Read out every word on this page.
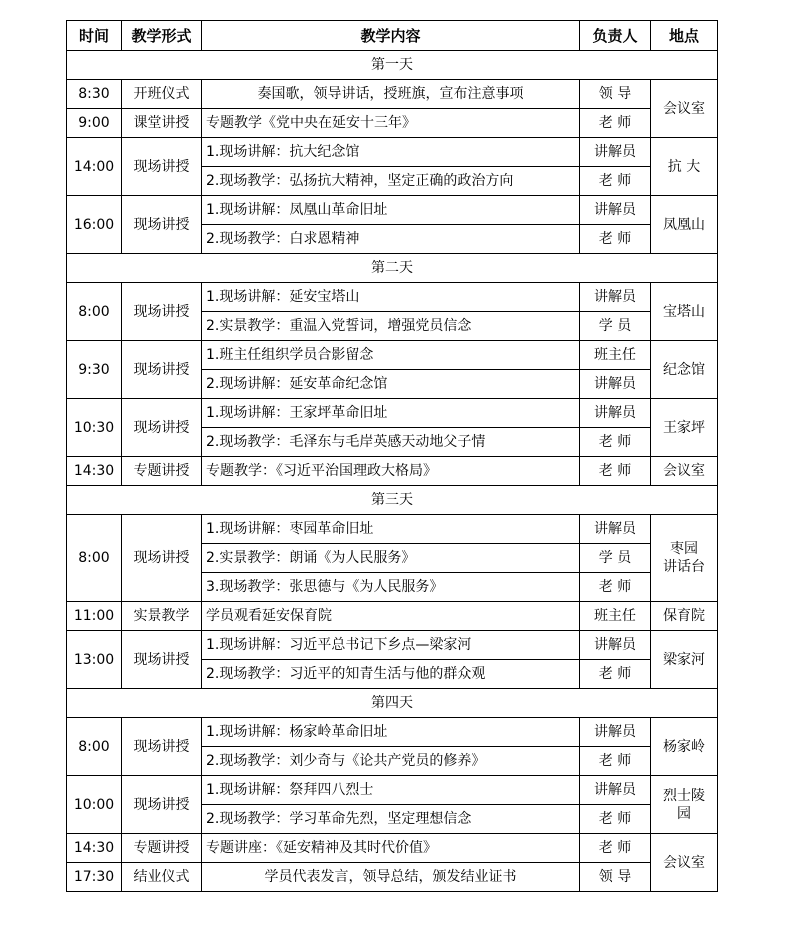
时间	教学形式	教学内容	负责人	地点
第一天				
8:30	开班仪式	奏国歌，领导讲话，授班旗，宣布注意事项	领 导	会议室
9:00	课堂讲授	专题教学《党中央在延安十三年》	老 师	
14:00	现场讲授	1.现场讲解：抗大纪念馆	讲解员	抗 大
		2.现场教学：弘扬抗大精神，坚定正确的政治方向	老 师	
16:00	现场讲授	1.现场讲解：凤凰山革命旧址	讲解员	凤凰山
		2.现场教学：白求恩精神	老 师	
第二天				
8:00	现场讲授	1.现场讲解：延安宝塔山	讲解员	宝塔山
		2.实景教学：重温入党誓词，增强党员信念	学 员	
9:30	现场讲授	1.班主任组织学员合影留念	班主任	纪念馆
		2.现场讲解：延安革命纪念馆	讲解员	
10:30	现场讲授	1.现场讲解：王家坪革命旧址	讲解员	王家坪
		2.现场教学：毛泽东与毛岸英感天动地父子情	老 师	
14:30	专题讲授	专题教学：《习近平治国理政大格局》	老 师	会议室
第三天				
8:00	现场讲授	1.现场讲解：枣园革命旧址	讲解员	枣园
讲话台
		2.实景教学：朗诵《为人民服务》	学 员	
		3.现场教学：张思德与《为人民服务》	老 师	
11:00	实景教学	学员观看延安保育院	班主任	保育院
13:00	现场讲授	1.现场讲解：习近平总书记下乡点—梁家河	讲解员	梁家河
		2.现场教学：习近平的知青生活与他的群众观	老 师	
第四天				
8:00	现场讲授	1.现场讲解：杨家岭革命旧址	讲解员	杨家岭
		2.现场教学：刘少奇与《论共产党员的修养》	老 师	
10:00	现场讲授	1.现场讲解：祭拜四八烈士	讲解员	烈士陵
园
		2.现场教学：学习革命先烈，坚定理想信念	老 师	
14:30	专题讲授	专题讲座：《延安精神及其时代价值》	老 师	会议室
17:30	结业仪式	学员代表发言，领导总结，颁发结业证书	领 导	
